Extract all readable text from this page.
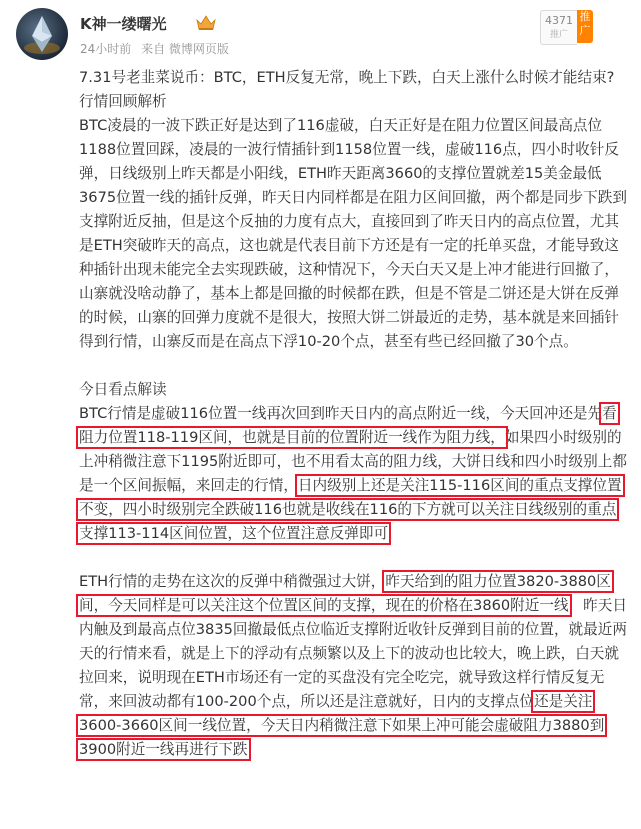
K神一缕曙光
24小时前 来自 微博网页版
4371
推广
推广

7.31号老韭菜说币：BTC，ETH反复无常，晚上下跌，白天上涨什么时候才能结束?

行情回顾解析

BTC凌晨的一波下跌正好是达到了116虚破，白天正好是在阻力位置区间最高点位1188位置回踩，凌晨的一波行情插针到1158位置一线，虚破116点，四小时收针反弹，日线级别上昨天都是小阳线，ETH昨天距离3660的支撑位置就差15美金最低3675位置一线的插针反弹，昨天日内同样都是在阻力区间回撤，两个都是同步下跌到支撑附近反抽，但是这个反抽的力度有点大，直接回到了昨天日内的高点位置，尤其是ETH突破昨天的高点，这也就是代表目前下方还是有一定的托单买盘，才能导致这种插针出现未能完全去实现跌破，这种情况下，今天白天又是上冲才能进行回撤了，山寨就没啥动静了，基本上都是回撤的时候都在跌，但是不管是二饼还是大饼在反弹的时候，山寨的回弹力度就不是很大，按照大饼二饼最近的走势，基本就是来回插针得到行情，山寨反而是在高点下浮10-20个点，甚至有些已经回撤了30个点。

今日看点解读

BTC行情是虚破116位置一线再次回到昨天日内的高点附近一线，今天回冲还是先看阻力位置118-119区间，也就是目前的位置附近一线作为阻力线，如果四小时级别的上冲稍微注意下1195附近即可，也不用看太高的阻力线，大饼日线和四小时级别上都是一个区间振幅，来回走的行情，日内级别上还是关注115-116区间的重点支撑位置不变，四小时级别完全跌破116也就是收线在116的下方就可以关注日线级别的重点支撑113-114区间位置，这个位置注意反弹即可

ETH行情的走势在这次的反弹中稍微强过大饼，昨天给到的阻力位置3820-3880区间，今天同样是可以关注这个位置区间的支撑，现在的价格在3860附近一线，昨天日内触及到最高点位3835回撤最低点位临近支撑附近收针反弹到目前的位置，就最近两天的行情来看，就是上下的浮动有点频繁以及上下的波动也比较大，晚上跌，白天就拉回来，说明现在ETH市场还有一定的买盘没有完全吃完，就导致这样行情反复无常，来回波动都有100-200个点，所以还是注意就好，日内的支撑点位还是关注3600-3660区间一线位置，今天日内稍微注意下如果上冲可能会虚破阻力3880到3900附近一线再进行下跌
